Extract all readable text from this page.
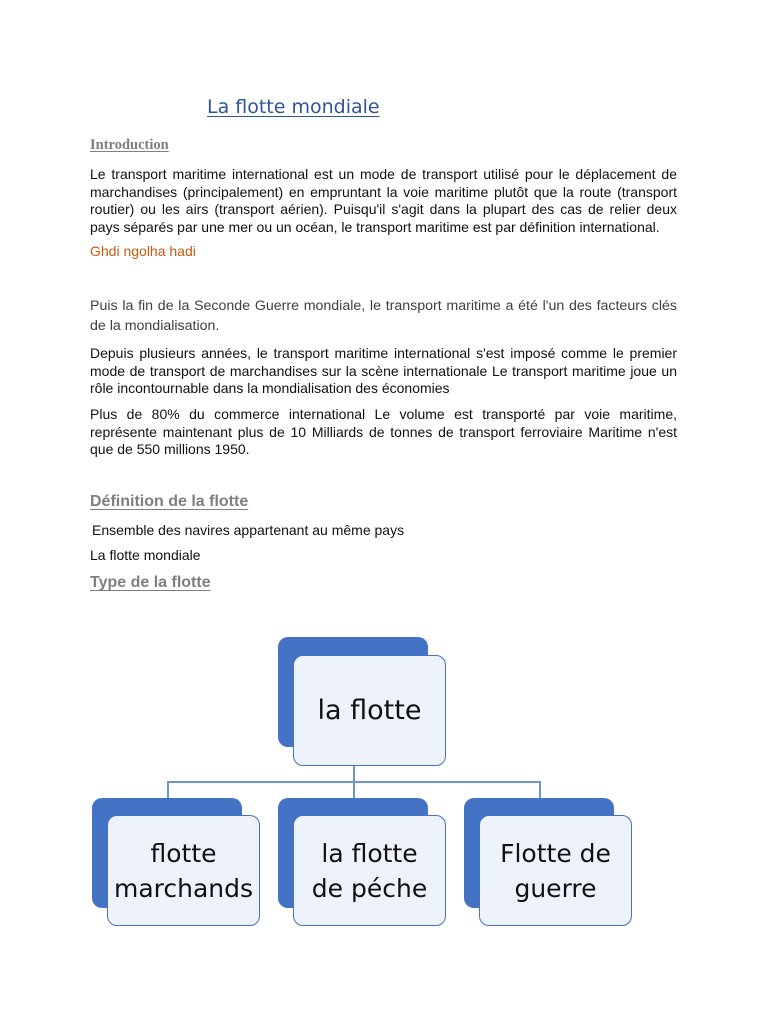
La flotte mondiale
Introduction
Le transport maritime international est un mode de transport utilisé pour le déplacement de marchandises (principalement) en empruntant la voie maritime plutôt que la route (transport routier) ou les airs (transport aérien). Puisqu'il s'agit dans la plupart des cas de relier deux pays séparés par une mer ou un océan, le transport maritime est par définition international.
Ghdi ngolha hadi
Puis la fin de la Seconde Guerre mondiale, le transport maritime a été l'un des facteurs clés de la mondialisation.
Depuis plusieurs années, le transport maritime international s'est imposé comme le premier mode de transport de marchandises sur la scène internationale Le transport maritime joue un rôle incontournable dans la mondialisation des économies
Plus de 80% du commerce international Le volume est transporté par voie maritime, représente maintenant plus de 10 Milliards de tonnes de transport ferroviaire Maritime n'est que de 550 millions 1950.
Définition de la flotte
Ensemble des navires appartenant au même pays
La flotte mondiale
Type de la flotte
la flotte
flotte marchands
la flotte de péche
Flotte de guerre
